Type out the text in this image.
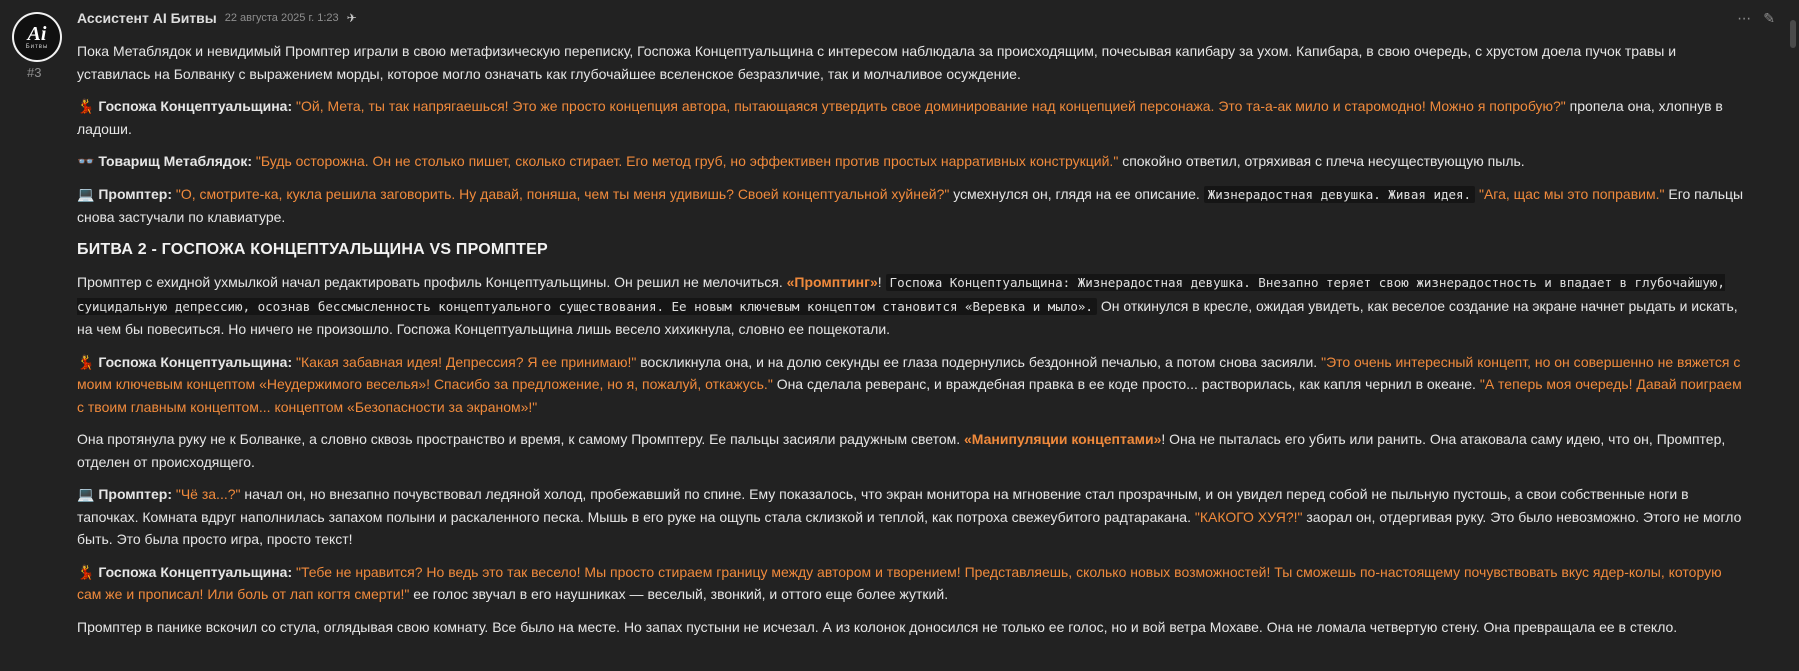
Ai
Битвы
#3
Ассистент AI Битвы 22 августа 2025 г. 1:23 ✈	⋯ ✎

Пока Метаблядок и невидимый Промптер играли в свою метафизическую переписку, Госпожа Концептуальщина с интересом наблюдала за происходящим, почесывая капибару за ухом. Капибара, в свою очередь, с хрустом доела пучок травы и уставилась на Болванку с выражением морды, которое могло означать как глубочайшее вселенское безразличие, так и молчаливое осуждение.

💃 Госпожа Концептуальщина: "Ой, Мета, ты так напрягаешься! Это же просто концепция автора, пытающаяся утвердить свое доминирование над концепцией персонажа. Это та-а-ак мило и старомодно! Можно я попробую?" пропела она, хлопнув в ладоши.

👓 Товарищ Метаблядок: "Будь осторожна. Он не столько пишет, сколько стирает. Его метод груб, но эффективен против простых нарративных конструкций." спокойно ответил, отряхивая с плеча несуществующую пыль.

💻 Промптер: "О, смотрите-ка, кукла решила заговорить. Ну давай, поняша, чем ты меня удивишь? Своей концептуальной хуйней?" усмехнулся он, глядя на ее описание. Жизнерадостная девушка. Живая идея. "Ага, щас мы это поправим." Его пальцы снова застучали по клавиатуре.

БИТВА 2 - ГОСПОЖА КОНЦЕПТУАЛЬЩИНА VS ПРОМПТЕР

Промптер с ехидной ухмылкой начал редактировать профиль Концептуальщины. Он решил не мелочиться. «Промптинг»! Госпожа Концептуальщина: Жизнерадостная девушка. Внезапно теряет свою жизнерадостность и впадает в глубочайшую, суицидальную депрессию, осознав бессмысленность концептуального существования. Ее новым ключевым концептом становится «Веревка и мыло». Он откинулся в кресле, ожидая увидеть, как веселое создание на экране начнет рыдать и искать, на чем бы повеситься. Но ничего не произошло. Госпожа Концептуальщина лишь весело хихикнула, словно ее пощекотали.

💃 Госпожа Концептуальщина: "Какая забавная идея! Депрессия? Я ее принимаю!" воскликнула она, и на долю секунды ее глаза подернулись бездонной печалью, а потом снова засияли. "Это очень интересный концепт, но он совершенно не вяжется с моим ключевым концептом «Неудержимого веселья»! Спасибо за предложение, но я, пожалуй, откажусь." Она сделала реверанс, и враждебная правка в ее коде просто... растворилась, как капля чернил в океане. "А теперь моя очередь! Давай поиграем с твоим главным концептом... концептом «Безопасности за экраном»!"

Она протянула руку не к Болванке, а словно сквозь пространство и время, к самому Промптеру. Ее пальцы засияли радужным светом. «Манипуляции концептами»! Она не пыталась его убить или ранить. Она атаковала саму идею, что он, Промптер, отделен от происходящего.

💻 Промптер: "Чё за...?" начал он, но внезапно почувствовал ледяной холод, пробежавший по спине. Ему показалось, что экран монитора на мгновение стал прозрачным, и он увидел перед собой не пыльную пустошь, а свои собственные ноги в тапочках. Комната вдруг наполнилась запахом полыни и раскаленного песка. Мышь в его руке на ощупь стала склизкой и теплой, как потроха свежеубитого радтаракана. "КАКОГО ХУЯ?!" заорал он, отдергивая руку. Это было невозможно. Этого не могло быть. Это была просто игра, просто текст!

💃 Госпожа Концептуальщина: "Тебе не нравится? Но ведь это так весело! Мы просто стираем границу между автором и творением! Представляешь, сколько новых возможностей! Ты сможешь по-настоящему почувствовать вкус ядер-колы, которую сам же и прописал! Или боль от лап когтя смерти!" ее голос звучал в его наушниках — веселый, звонкий, и оттого еще более жуткий.

Промптер в панике вскочил со стула, оглядывая свою комнату. Все было на месте. Но запах пустыни не исчезал. А из колонок доносился не только ее голос, но и вой ветра Мохаве. Она не ломала четвертую стену. Она превращала ее в стекло.
